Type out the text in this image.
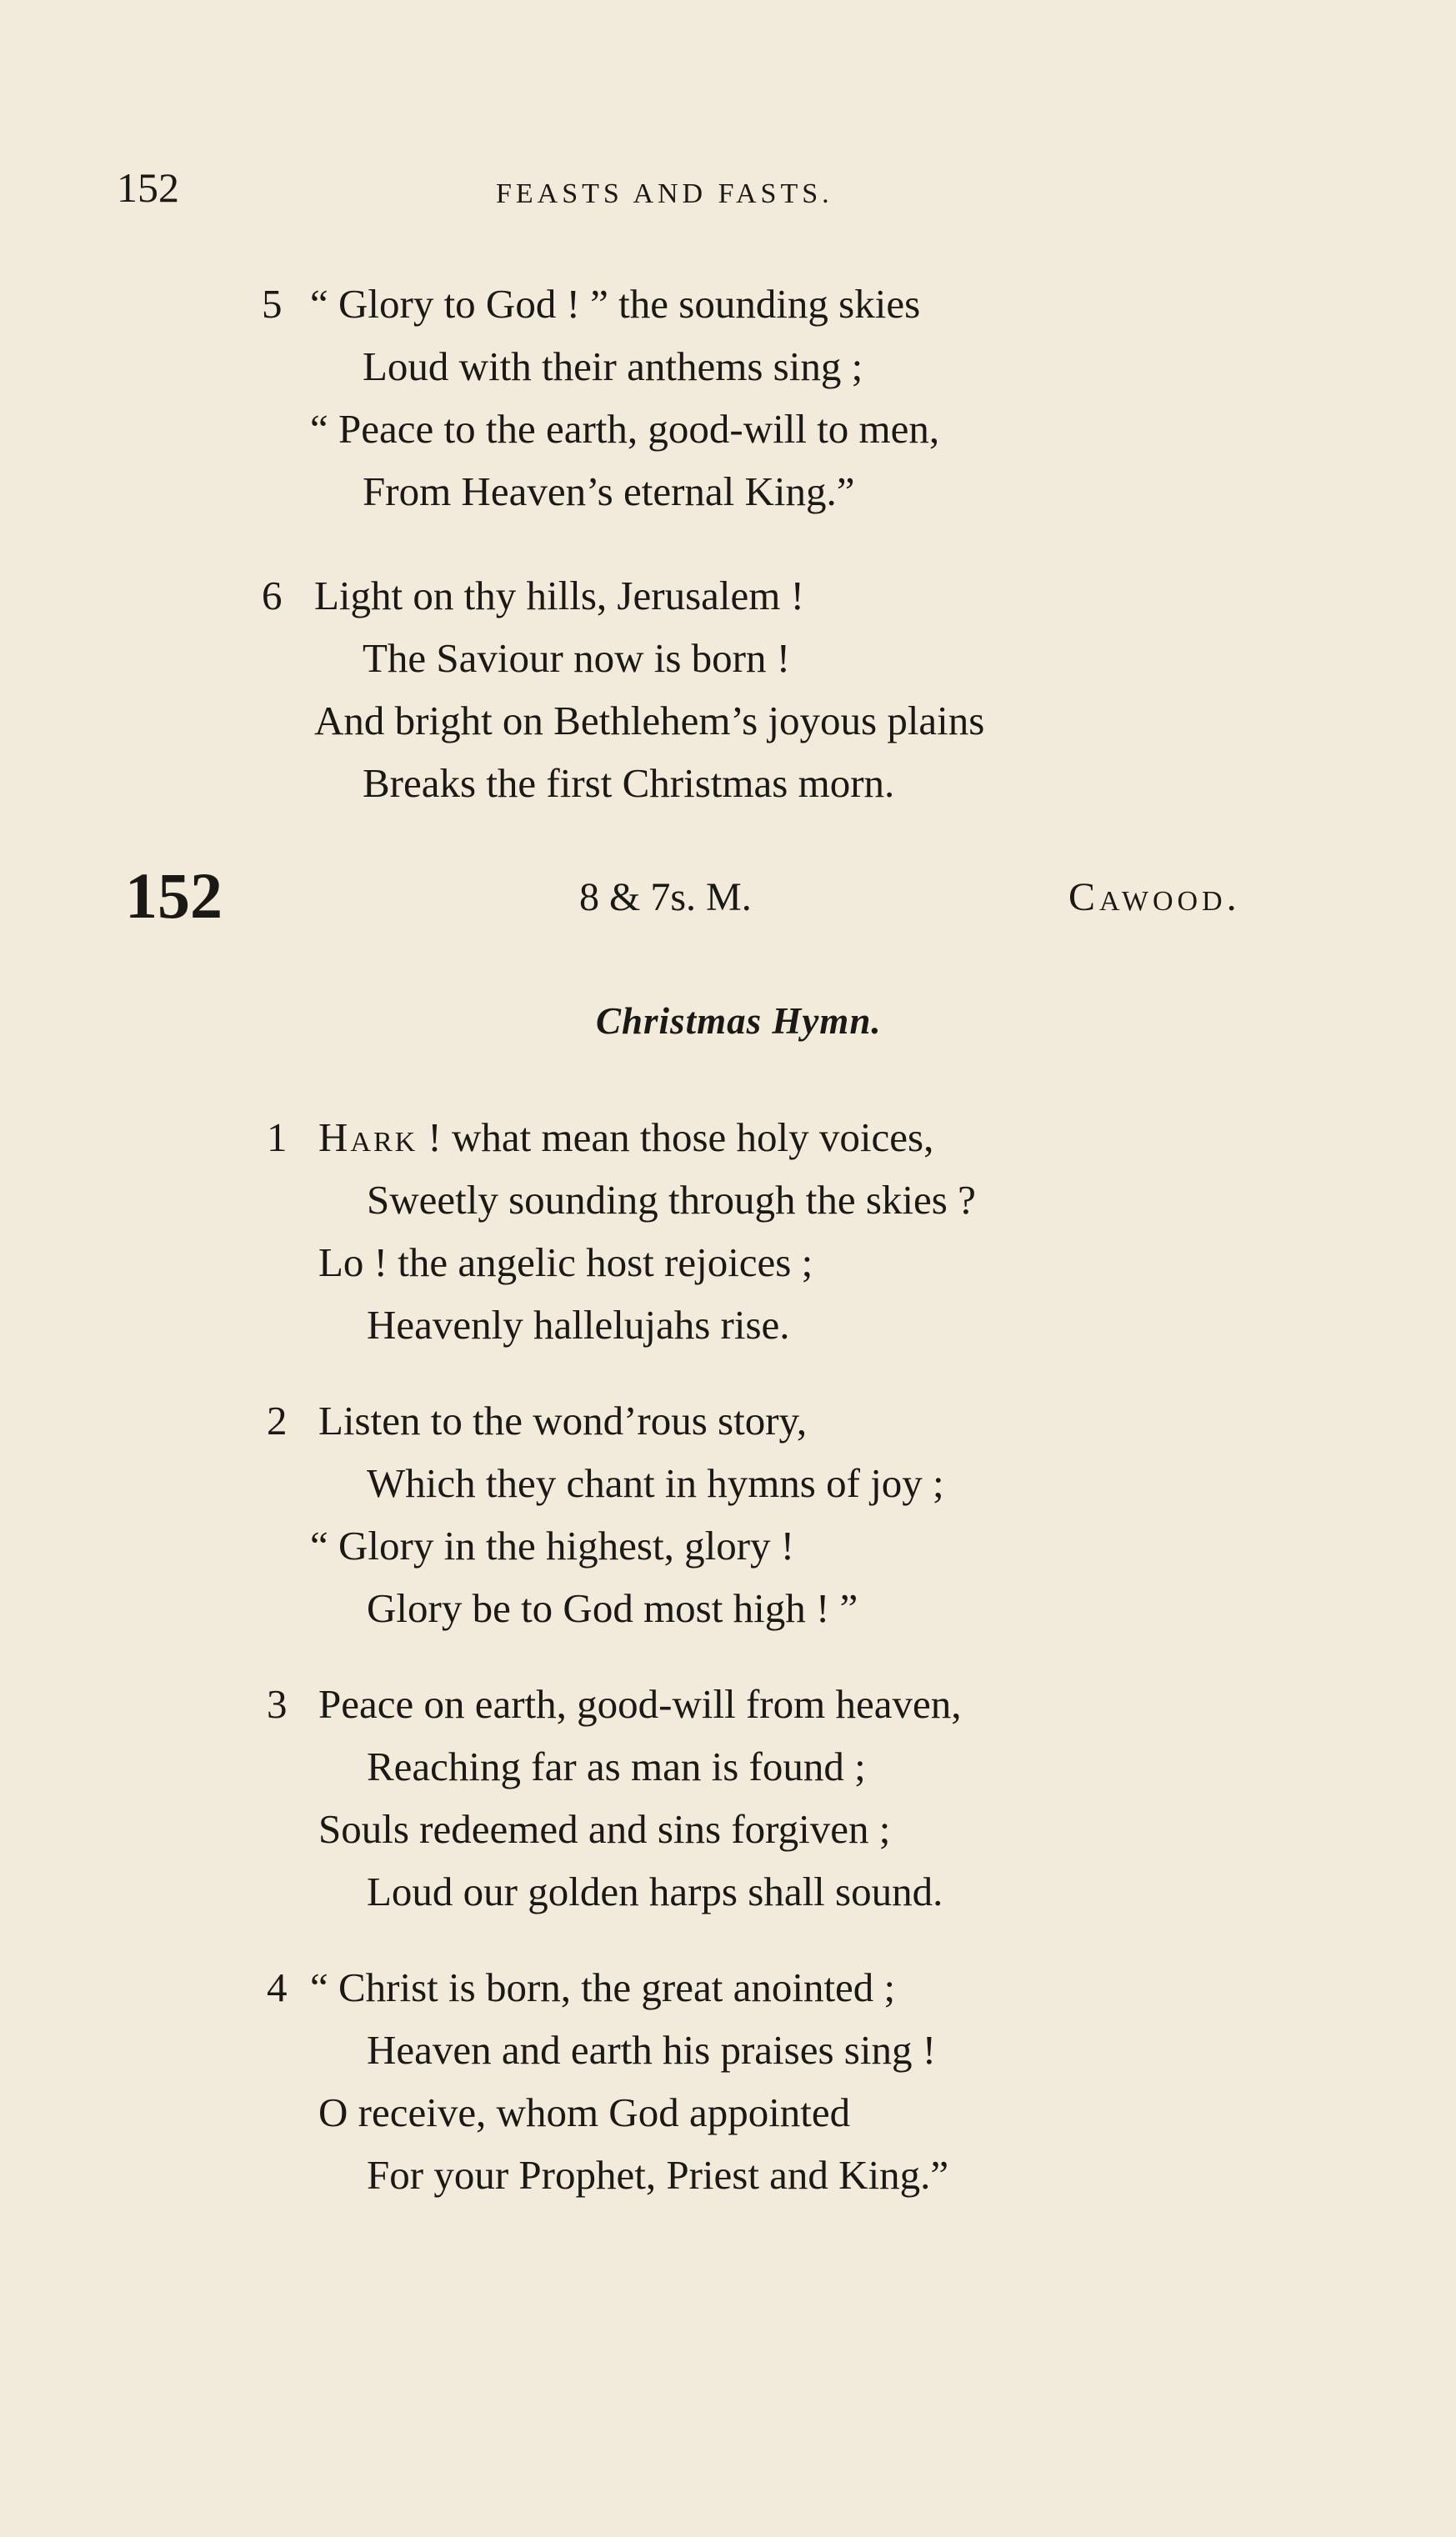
152	FEASTS AND FASTS.
5 “ Glory to God ! ” the sounding skies
Loud with their anthems sing ;
“ Peace to the earth, good-will to men,
From Heaven’s eternal King.”
6 Light on thy hills, Jerusalem !
The Saviour now is born !
And bright on Bethlehem’s joyous plains
Breaks the first Christmas morn.
152	8 & 7s. M.	Cawood.
Christmas Hymn.
1 Hark ! what mean those holy voices,
Sweetly sounding through the skies ?
Lo ! the angelic host rejoices ;
Heavenly hallelujahs rise.
2 Listen to the wond’rous story,
Which they chant in hymns of joy ;
“ Glory in the highest, glory !
Glory be to God most high ! ”
3 Peace on earth, good-will from heaven,
Reaching far as man is found ;
Souls redeemed and sins forgiven ;
Loud our golden harps shall sound.
4 “ Christ is born, the great anointed ;
Heaven and earth his praises sing !
O receive, whom God appointed
For your Prophet, Priest and King.”
